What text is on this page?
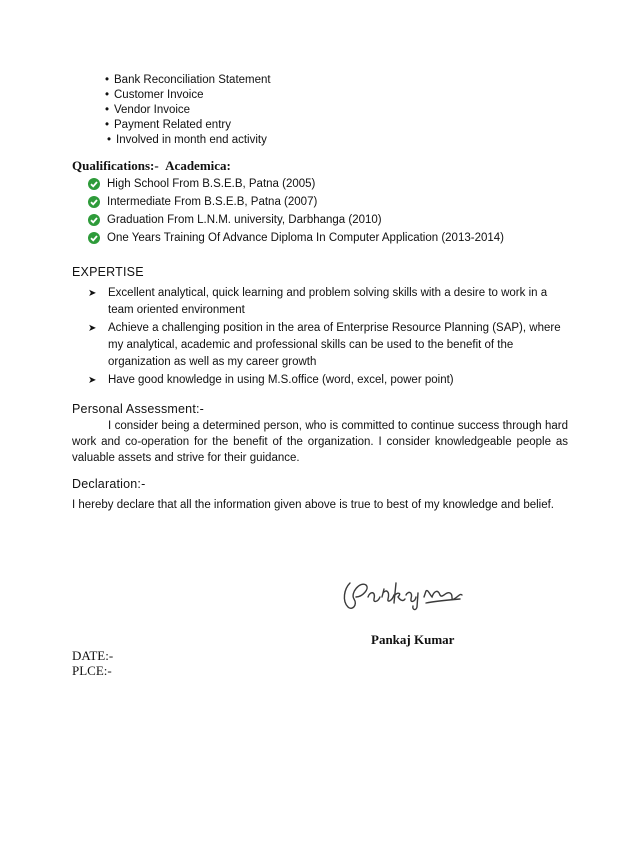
• Bank Reconciliation Statement
• Customer Invoice
• Vendor Invoice
• Payment Related entry
• Involved in month end activity
Qualifications:- Academica:
High School From B.S.E.B, Patna (2005)
Intermediate From B.S.E.B, Patna (2007)
Graduation From L.N.M. university, Darbhanga (2010)
One Years Training Of Advance Diploma In Computer Application (2013-2014)
EXPERTISE
➤	Excellent analytical, quick learning and problem solving skills with a desire to work in a team oriented environment
➤	Achieve a challenging position in the area of Enterprise Resource Planning (SAP), where my analytical, academic and professional skills can be used to the benefit of the organization as well as my career growth
➤	Have good knowledge in using M.S.office (word, excel, power point)
Personal Assessment:-
I consider being a determined person, who is committed to continue success through hard work and co-operation for the benefit of the organization. I consider knowledgeable people as valuable assets and strive for their guidance.
Declaration:-
I hereby declare that all the information given above is true to best of my knowledge and belief.
Pankaj Kumar
DATE:-
PLCE:-
